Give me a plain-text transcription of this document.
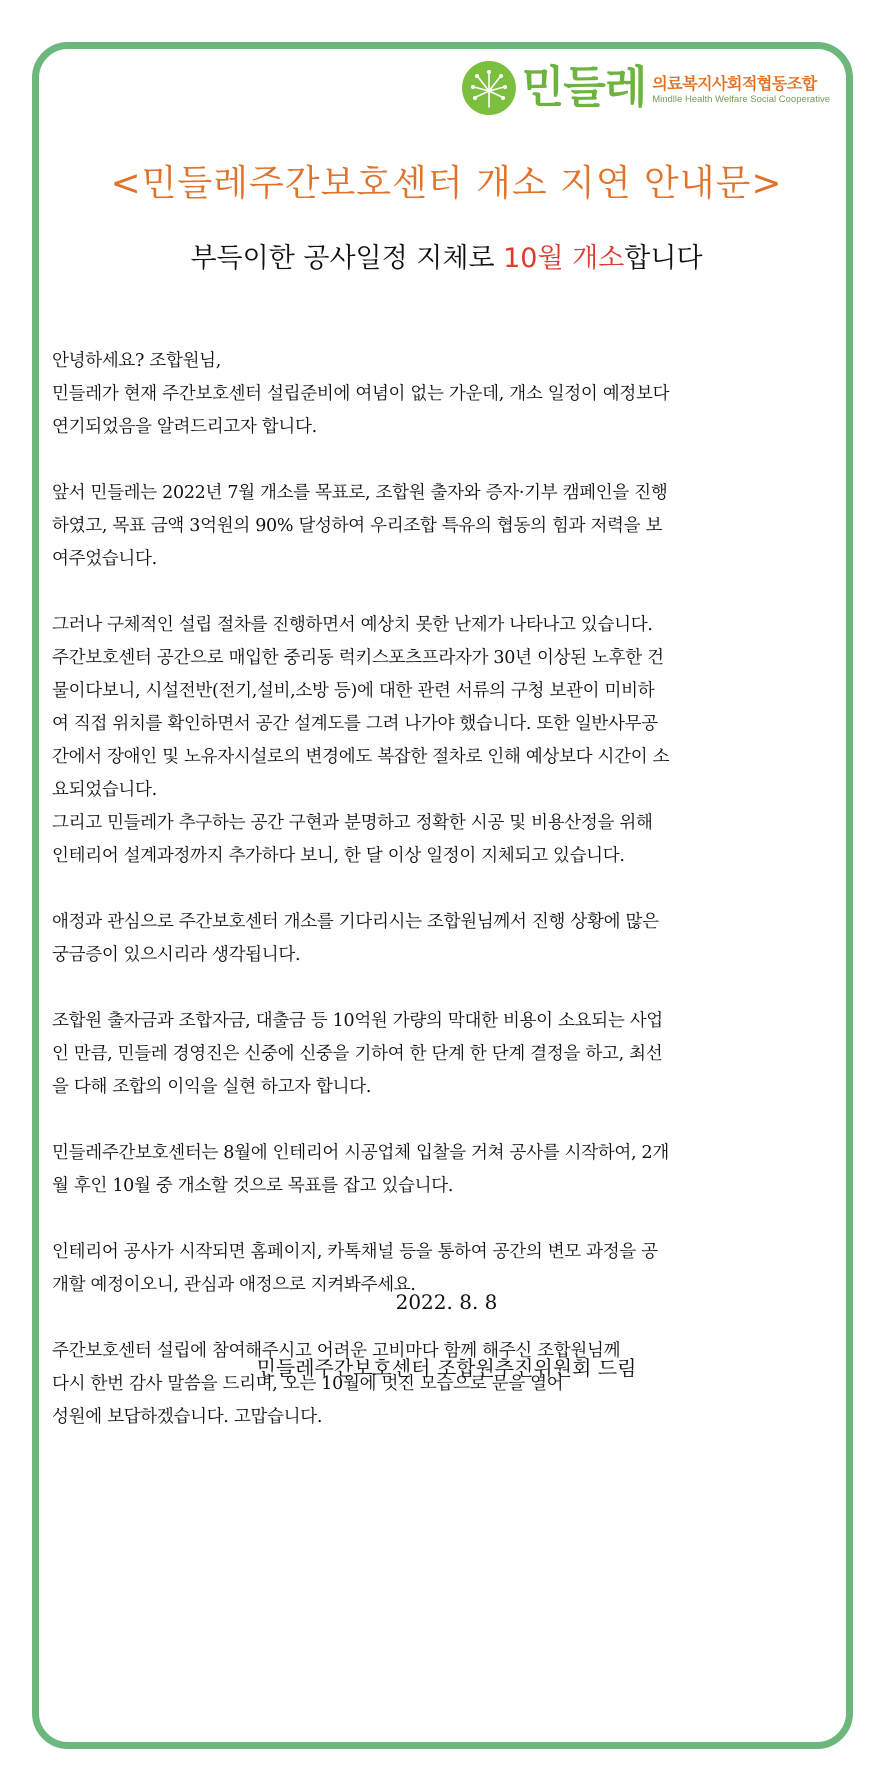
민들레 의료복지사회적협동조합
Mindlle Health Welfare Social Cooperative
<민들레주간보호센터 개소 지연 안내문>
부득이한 공사일정 지체로 10월 개소합니다

안녕하세요? 조합원님,
민들레가 현재 주간보호센터 설립준비에 여념이 없는 가운데, 개소 일정이 예정보다
연기되었음을 알려드리고자 합니다.

앞서 민들레는 2022년 7월 개소를 목표로, 조합원 출자와 증자·기부 캠페인을 진행
하였고, 목표 금액 3억원의 90% 달성하여 우리조합 특유의 협동의 힘과 저력을 보
여주었습니다.

그러나 구체적인 설립 절차를 진행하면서 예상치 못한 난제가 나타나고 있습니다.
주간보호센터 공간으로 매입한 중리동 럭키스포츠프라자가 30년 이상된 노후한 건
물이다보니, 시설전반(전기,설비,소방 등)에 대한 관련 서류의 구청 보관이 미비하
여 직접 위치를 확인하면서 공간 설계도를 그려 나가야 했습니다. 또한 일반사무공
간에서 장애인 및 노유자시설로의 변경에도 복잡한 절차로 인해 예상보다 시간이 소
요되었습니다.
그리고 민들레가 추구하는 공간 구현과 분명하고 정확한 시공 및 비용산정을 위해
인테리어 설계과정까지 추가하다 보니, 한 달 이상 일정이 지체되고 있습니다.

애정과 관심으로 주간보호센터 개소를 기다리시는 조합원님께서 진행 상황에 많은
궁금증이 있으시리라 생각됩니다.

조합원 출자금과 조합자금, 대출금 등 10억원 가량의 막대한 비용이 소요되는 사업
인 만큼, 민들레 경영진은 신중에 신중을 기하여 한 단계 한 단계 결정을 하고, 최선
을 다해 조합의 이익을 실현 하고자 합니다.

민들레주간보호센터는 8월에 인테리어 시공업체 입찰을 거쳐 공사를 시작하여, 2개
월 후인 10월 중 개소할 것으로 목표를 잡고 있습니다.

인테리어 공사가 시작되면 홈페이지, 카톡채널 등을 통하여 공간의 변모 과정을 공
개할 예정이오니, 관심과 애정으로 지켜봐주세요.

주간보호센터 설립에 참여해주시고 어려운 고비마다 함께 해주신 조합원님께
다시 한번 감사 말씀을 드리며, 오는 10월에 멋진 모습으로 문을 열어
성원에 보답하겠습니다. 고맙습니다.

2022. 8. 8
민들레주간보호센터 조합원추진위원회 드림
